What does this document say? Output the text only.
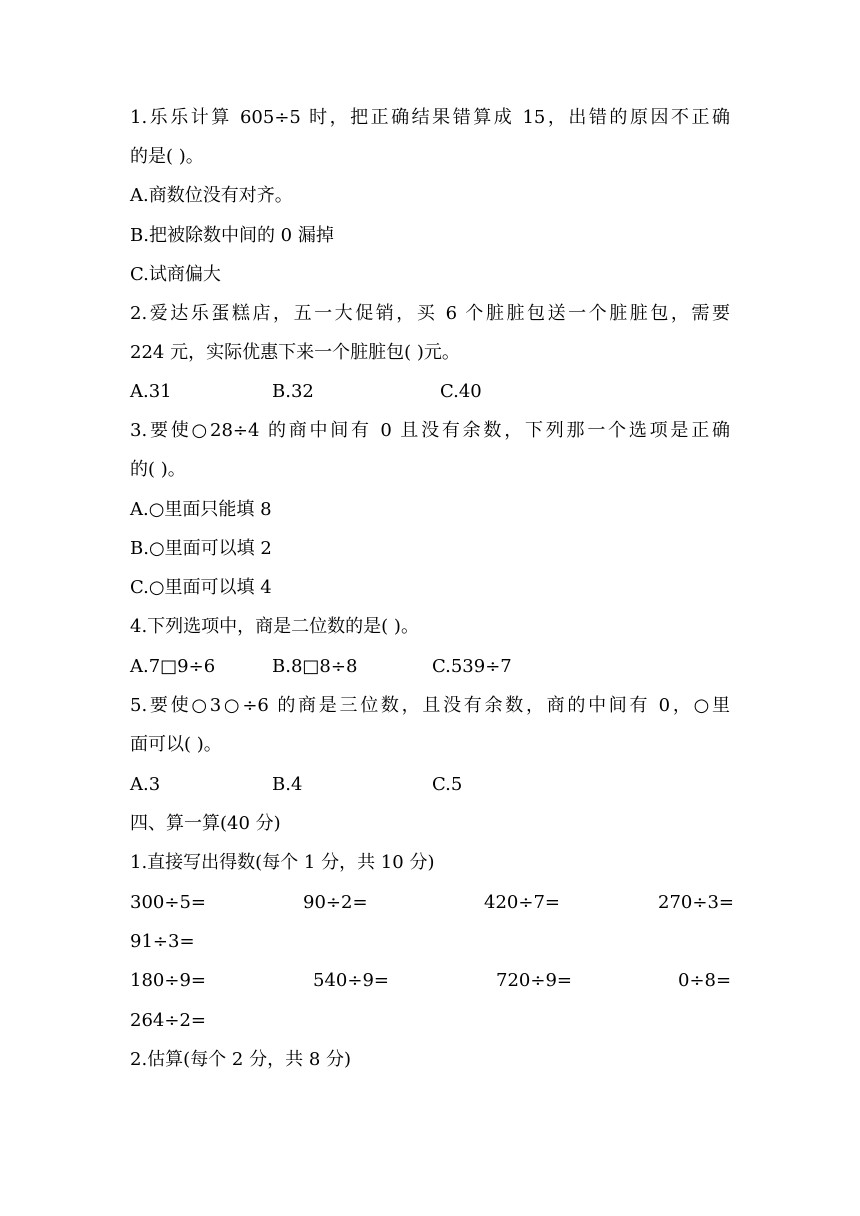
1.乐乐计算 605÷5 时，把正确结果错算成 15，出错的原因不正确
的是( )。
A.商数位没有对齐。
B.把被除数中间的 0 漏掉
C.试商偏大
2.爱达乐蛋糕店，五一大促销，买 6 个脏脏包送一个脏脏包，需要
224 元，实际优惠下来一个脏脏包( )元。
A.31	B.32	C.40
3.要使○28÷4 的商中间有 0 且没有余数，下列那一个选项是正确
的( )。
A.○里面只能填 8
B.○里面可以填 2
C.○里面可以填 4
4.下列选项中，商是二位数的是( )。
A.7□9÷6	B.8□8÷8	C.539÷7
5.要使○3○÷6 的商是三位数，且没有余数，商的中间有 0，○里
面可以( )。
A.3	B.4	C.5
四、算一算(40 分)
1.直接写出得数(每个 1 分，共 10 分)
300÷5=	90÷2=	420÷7=	270÷3=
91÷3=
180÷9=	540÷9=	720÷9=	0÷8=
264÷2=
2.估算(每个 2 分，共 8 分)
